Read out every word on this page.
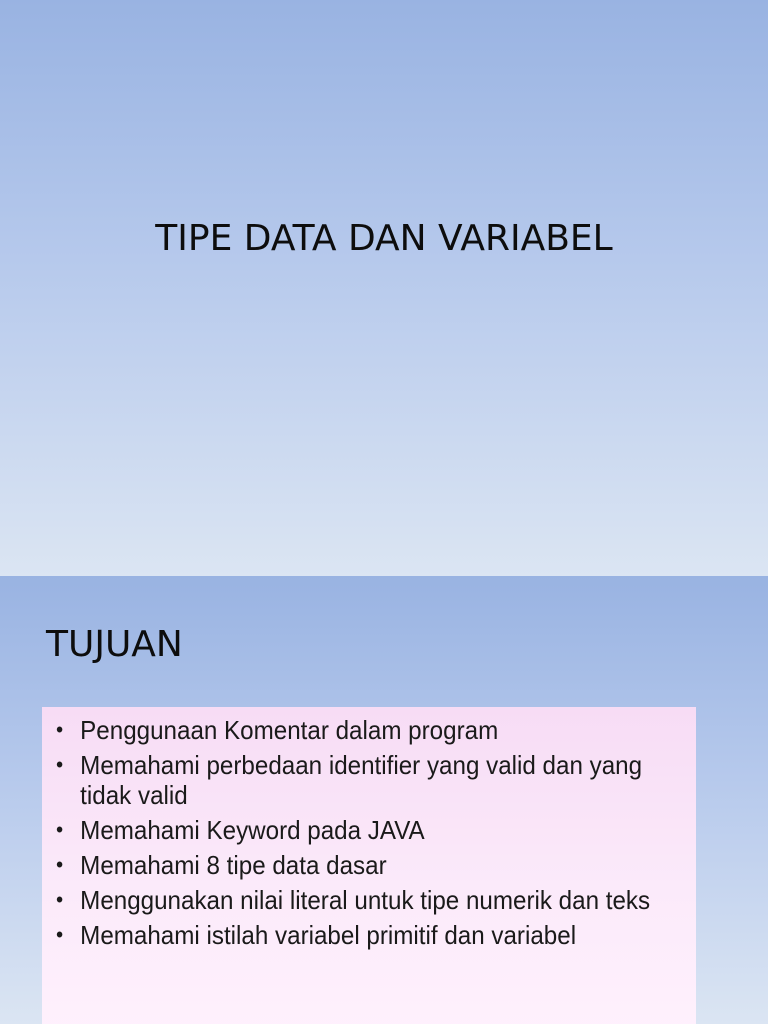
TIPE DATA DAN VARIABEL
TUJUAN
• Penggunaan Komentar dalam program
• Memahami perbedaan identifier yang valid dan yang tidak valid
• Memahami Keyword pada JAVA
• Memahami 8 tipe data dasar
• Menggunakan nilai literal untuk tipe numerik dan teks
• Memahami istilah variabel primitif dan variabel
